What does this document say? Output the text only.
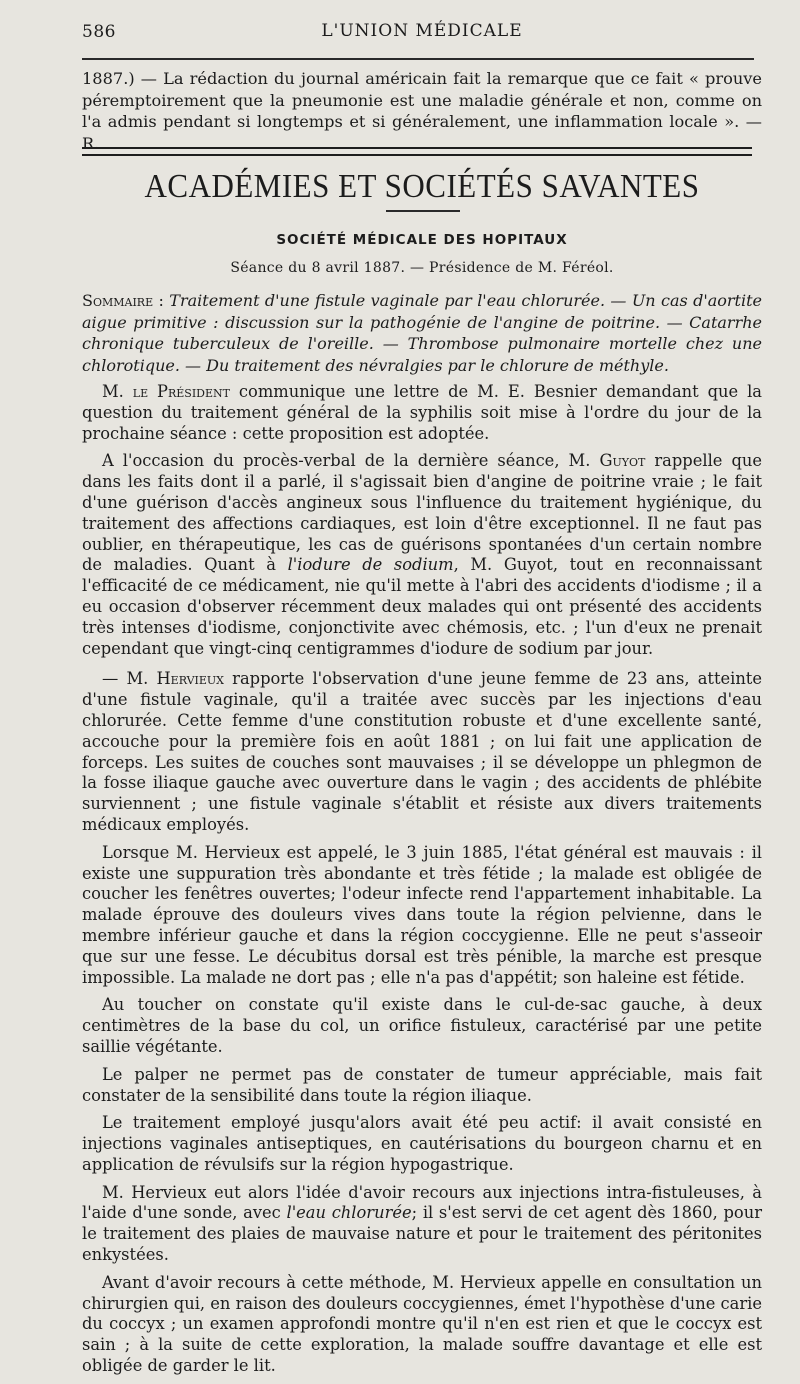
586	L'UNION MÉDICALE
1887.) — La rédaction du journal américain fait la remarque que ce fait « prouve péremptoirement que la pneumonie est une maladie générale et non, comme on l'a admis pendant si longtemps et si généralement, une inflammation locale ». — R.
ACADÉMIES ET SOCIÉTÉS SAVANTES
SOCIÉTÉ MÉDICALE DES HOPITAUX
Séance du 8 avril 1887. — Présidence de M. Féréol.
Sommaire : Traitement d'une fistule vaginale par l'eau chlorurée. — Un cas d'aortite aigue primitive : discussion sur la pathogénie de l'angine de poitrine. — Catarrhe chronique tuberculeux de l'oreille. — Thrombose pulmonaire mortelle chez une chlorotique. — Du traitement des névralgies par le chlorure de méthyle.

M. le Président communique une lettre de M. E. Besnier demandant que la question du traitement général de la syphilis soit mise à l'ordre du jour de la prochaine séance : cette proposition est adoptée.

A l'occasion du procès-verbal de la dernière séance, M. Guyot rappelle que dans les faits dont il a parlé, il s'agissait bien d'angine de poitrine vraie ; le fait d'une guérison d'accès angineux sous l'influence du traitement hygiénique, du traitement des affections cardiaques, est loin d'être exceptionnel. Il ne faut pas oublier, en thérapeutique, les cas de guérisons spontanées d'un certain nombre de maladies. Quant à l'iodure de sodium, M. Guyot, tout en reconnaissant l'efficacité de ce médicament, nie qu'il mette à l'abri des accidents d'iodisme ; il a eu occasion d'observer récemment deux malades qui ont présenté des accidents très intenses d'iodisme, conjonctivite avec chémosis, etc. ; l'un d'eux ne prenait cependant que vingt-cinq centigrammes d'iodure de sodium par jour.

— M. Hervieux rapporte l'observation d'une jeune femme de 23 ans, atteinte d'une fistule vaginale, qu'il a traitée avec succès par les injections d'eau chlorurée. Cette femme d'une constitution robuste et d'une excellente santé, accouche pour la première fois en août 1881 ; on lui fait une application de forceps. Les suites de couches sont mauvaises ; il se développe un phlegmon de la fosse iliaque gauche avec ouverture dans le vagin ; des accidents de phlébite surviennent ; une fistule vaginale s'établit et résiste aux divers traitements médicaux employés.

Lorsque M. Hervieux est appelé, le 3 juin 1885, l'état général est mauvais : il existe une suppuration très abondante et très fétide ; la malade est obligée de coucher les fenêtres ouvertes; l'odeur infecte rend l'appartement inhabitable. La malade éprouve des douleurs vives dans toute la région pelvienne, dans le membre inférieur gauche et dans la région coccygienne. Elle ne peut s'asseoir que sur une fesse. Le décubitus dorsal est très pénible, la marche est presque impossible. La malade ne dort pas ; elle n'a pas d'appétit; son haleine est fétide.

Au toucher on constate qu'il existe dans le cul-de-sac gauche, à deux centimètres de la base du col, un orifice fistuleux, caractérisé par une petite saillie végétante.

Le palper ne permet pas de constater de tumeur appréciable, mais fait constater de la sensibilité dans toute la région iliaque.

Le traitement employé jusqu'alors avait été peu actif: il avait consisté en injections vaginales antiseptiques, en cautérisations du bourgeon charnu et en application de révulsifs sur la région hypogastrique.

M. Hervieux eut alors l'idée d'avoir recours aux injections intra-fistuleuses, à l'aide d'une sonde, avec l'eau chlorurée; il s'est servi de cet agent dès 1860, pour le traitement des plaies de mauvaise nature et pour le traitement des péritonites enkystées.

Avant d'avoir recours à cette méthode, M. Hervieux appelle en consultation un chirurgien qui, en raison des douleurs coccygiennes, émet l'hypothèse d'une carie du coccyx ; un examen approfondi montre qu'il n'en est rien et que le coccyx est sain ; à la suite de cette exploration, la malade souffre davantage et elle est obligée de garder le lit.
